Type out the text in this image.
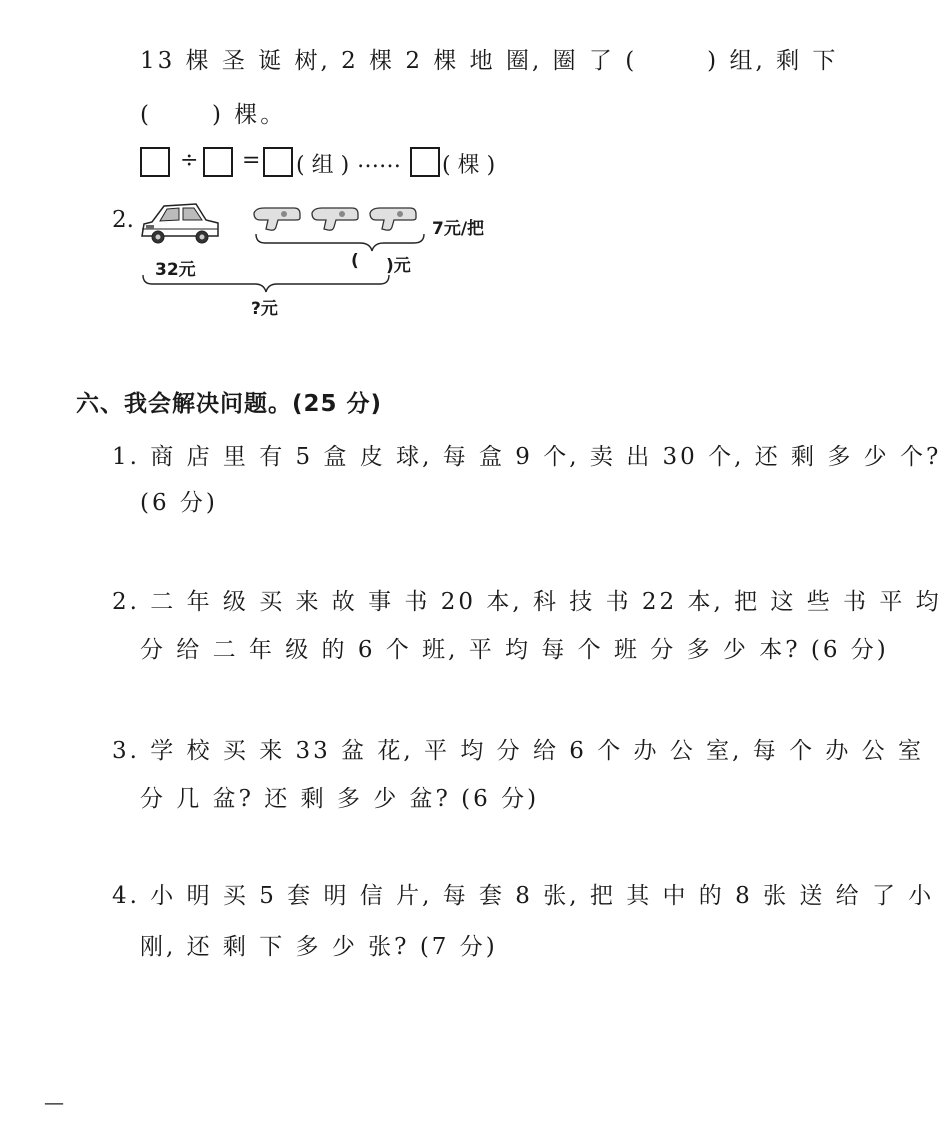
13 棵 圣 诞 树, 2 棵 2 棵 地 圈, 圈 了 (	) 组, 剩 下
(	) 棵。
÷ = ( 组 ) …… ( 棵 )
2.	7元/把
32元	( )元
?元
六、我会解决问题。(25 分)
1. 商 店 里 有 5 盒 皮 球, 每 盒 9 个, 卖 出 30 个, 还 剩 多 少 个?
(6 分)
2. 二 年 级 买 来 故 事 书 20 本, 科 技 书 22 本, 把 这 些 书 平 均
分 给 二 年 级 的 6 个 班, 平 均 每 个 班 分 多 少 本? (6 分)
3. 学 校 买 来 33 盆 花, 平 均 分 给 6 个 办 公 室, 每 个 办 公 室
分 几 盆? 还 剩 多 少 盆? (6 分)
4. 小 明 买 5 套 明 信 片, 每 套 8 张, 把 其 中 的 8 张 送 给 了 小
刚, 还 剩 下 多 少 张? (7 分)
—
